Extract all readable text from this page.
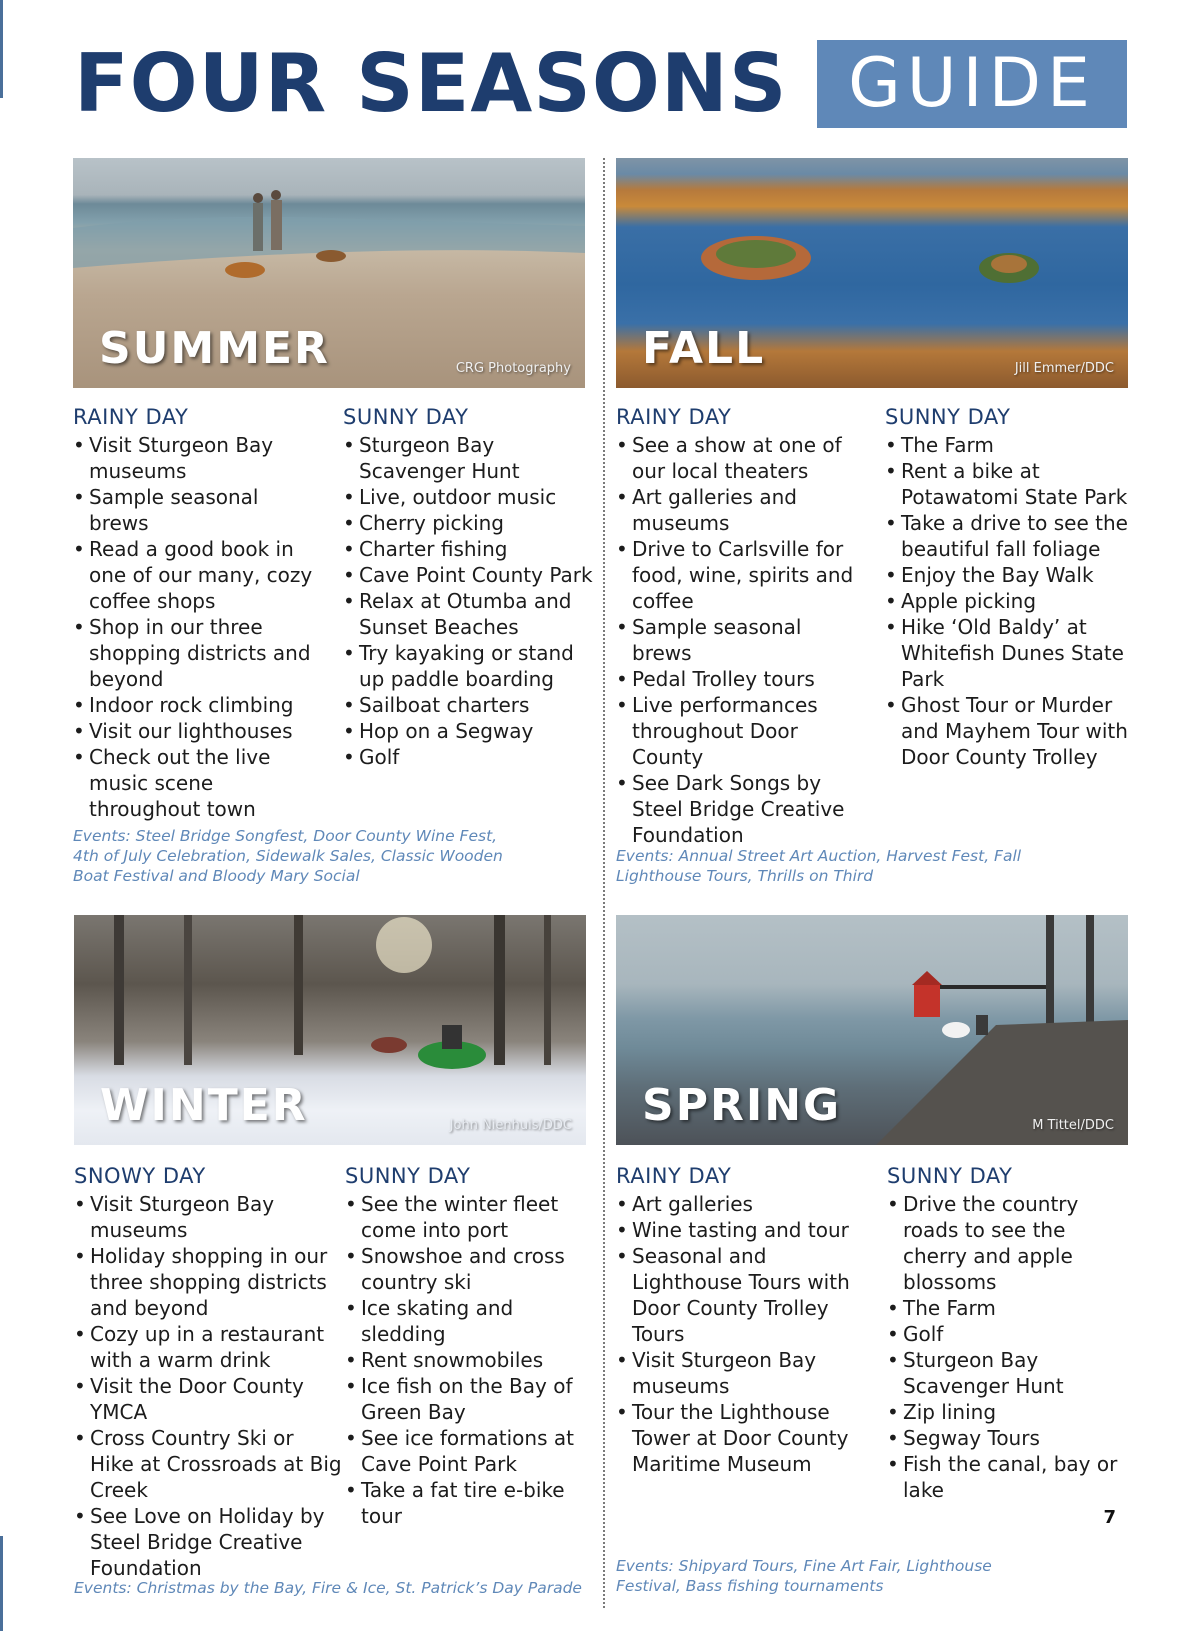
FOUR SEASONS GUIDE
SUMMER	CRG Photography
RAINY DAY
• Visit Sturgeon Bay museums
• Sample seasonal brews
• Read a good book in one of our many, cozy coffee shops
• Shop in our three shopping districts and beyond
• Indoor rock climbing
• Visit our lighthouses
• Check out the live music scene throughout town
SUNNY DAY
• Sturgeon Bay Scavenger Hunt
• Live, outdoor music
• Cherry picking
• Charter fishing
• Cave Point County Park
• Relax at Otumba and Sunset Beaches
• Try kayaking or stand up paddle boarding
• Sailboat charters
• Hop on a Segway
• Golf

Events: Steel Bridge Songfest, Door County Wine Fest, 4th of July Celebration, Sidewalk Sales, Classic Wooden Boat Festival and Bloody Mary Social

FALL	Jill Emmer/DDC
RAINY DAY
• See a show at one of our local theaters
• Art galleries and museums
• Drive to Carlsville for food, wine, spirits and coffee
• Sample seasonal brews
• Pedal Trolley tours
• Live performances throughout Door County
• See Dark Songs by Steel Bridge Creative Foundation
SUNNY DAY
• The Farm
• Rent a bike at Potawatomi State Park
• Take a drive to see the beautiful fall foliage
• Enjoy the Bay Walk
• Apple picking
• Hike ‘Old Baldy’ at Whitefish Dunes State Park
• Ghost Tour or Murder and Mayhem Tour with Door County Trolley

Events: Annual Street Art Auction, Harvest Fest, Fall Lighthouse Tours, Thrills on Third

WINTER	John Nienhuis/DDC
SNOWY DAY
• Visit Sturgeon Bay museums
• Holiday shopping in our three shopping districts and beyond
• Cozy up in a restaurant with a warm drink
• Visit the Door County YMCA
• Cross Country Ski or Hike at Crossroads at Big Creek
• See Love on Holiday by Steel Bridge Creative Foundation
SUNNY DAY
• See the winter fleet come into port
• Snowshoe and cross country ski
• Ice skating and sledding
• Rent snowmobiles
• Ice fish on the Bay of Green Bay
• See ice formations at Cave Point Park
• Take a fat tire e-bike tour

Events: Christmas by the Bay, Fire & Ice, St. Patrick’s Day Parade

SPRING	M Tittel/DDC
RAINY DAY
• Art galleries
• Wine tasting and tour
• Seasonal and Lighthouse Tours with Door County Trolley Tours
• Visit Sturgeon Bay museums
• Tour the Lighthouse Tower at Door County Maritime Museum
SUNNY DAY
• Drive the country roads to see the cherry and apple blossoms
• The Farm
• Golf
• Sturgeon Bay Scavenger Hunt
• Zip lining
• Segway Tours
• Fish the canal, bay or lake

Events: Shipyard Tours, Fine Art Fair, Lighthouse Festival, Bass fishing tournaments

7
